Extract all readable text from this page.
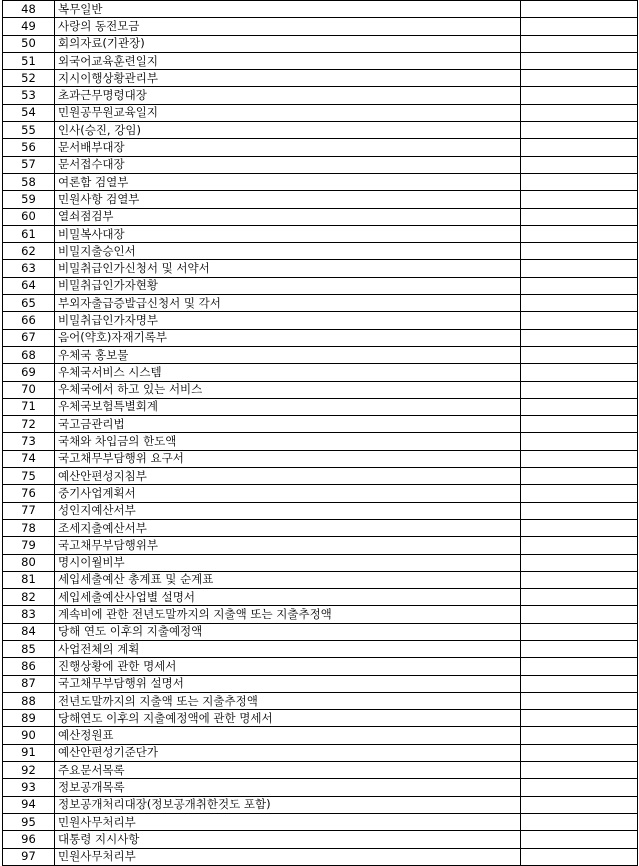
48	복무일반	
49	사랑의 동전모금	
50	회의자료(기관장)	
51	외국어교육훈련일지	
52	지시이행상황관리부	
53	초과근무명령대장	
54	민원공무원교육일지	
55	인사(승진, 강임)	
56	문서배부대장	
57	문서접수대장	
58	여론함 검열부	
59	민원사항 검열부	
60	열쇠점검부	
61	비밀복사대장	
62	비밀지출승인서	
63	비밀취급인가신청서 및 서약서	
64	비밀취급인가자현황	
65	부외자출급증발급신청서 및 각서	
66	비밀취급인가자명부	
67	음어(약호)자재기록부	
68	우체국 홍보물	
69	우체국서비스 시스템	
70	우체국에서 하고 있는 서비스	
71	우체국보험특별회계	
72	국고금관리법	
73	국채와 차입금의 한도액	
74	국고채무부담행위 요구서	
75	예산안편성지침부	
76	중기사업계획서	
77	성인지예산서부	
78	조세지출예산서부	
79	국고채무부담행위부	
80	명시이월비부	
81	세입세출예산 총계표 및 순계표	
82	세입세출예산사업별 설명서	
83	계속비에 관한 전년도말까지의 지출액 또는 지출추정액	
84	당해 연도 이후의 지출예정액	
85	사업전체의 계획	
86	진행상황에 관한 명세서	
87	국고채무부담행위 설명서	
88	전년도말까지의 지출액 또는 지출추정액	
89	당해연도 이후의 지출예정액에 관한 명세서	
90	예산정원표	
91	예산안편성기준단가	
92	주요문서목록	
93	정보공개목록	
94	정보공개처리대장(정보공개취한것도 포함)	
95	민원사무처리부	
96	대통령 지시사항	
97	민원사무처리부	
